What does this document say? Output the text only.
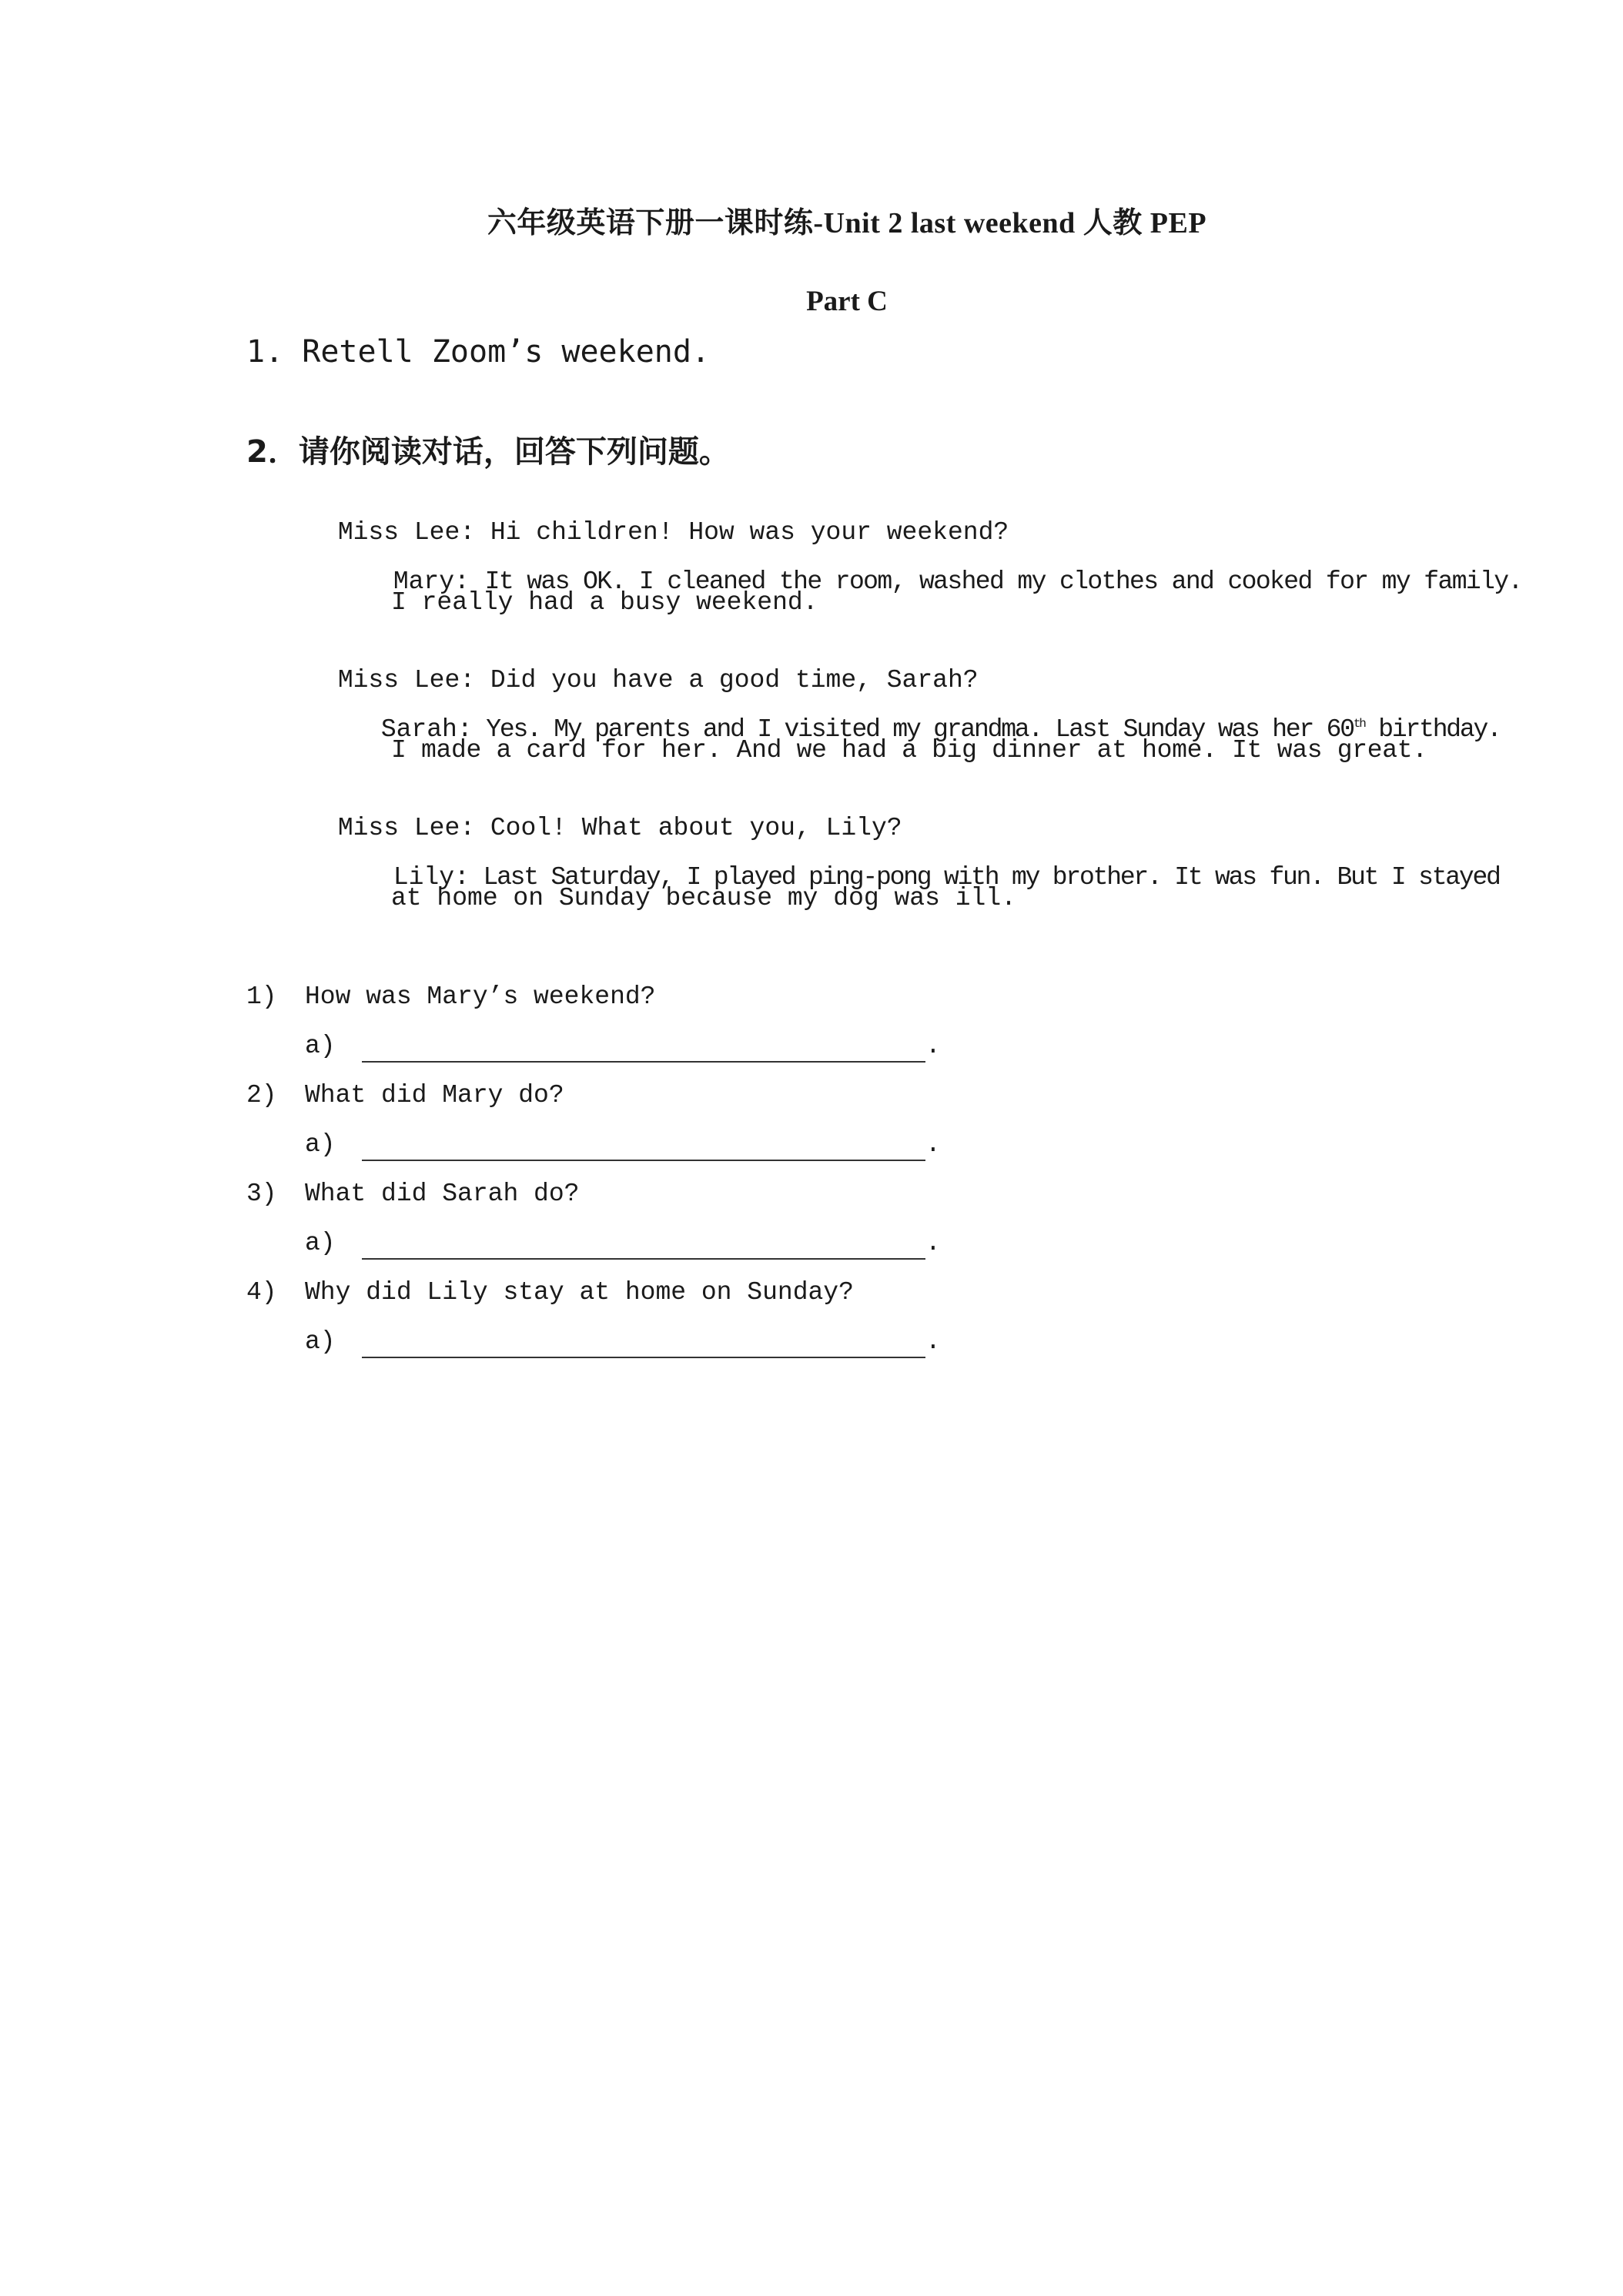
六年级英语下册一课时练-Unit 2 last weekend 人教 PEP
Part C
1. Retell Zoom’s weekend.
2．请你阅读对话，回答下列问题。

Miss Lee: Hi children! How was your weekend?

Mary: It was OK. I cleaned the room, washed my clothes and cooked for my family.

I really had a busy weekend.

Miss Lee: Did you have a good time, Sarah?

Sarah: Yes. My parents and I visited my grandma. Last Sunday was her 60th birthday.

I made a card for her. And we had a big dinner at home. It was great.

Miss Lee: Cool! What about you, Lily?

Lily: Last Saturday, I played ping-pong with my brother. It was fun. But I stayed

at home on Sunday because my dog was ill.

1)

How was Mary’s weekend?

a)

	.

2)

What did Mary do?

a)

	.

3)

What did Sarah do?

a)

	.

4)

Why did Lily stay at home on Sunday?

a)

	.
